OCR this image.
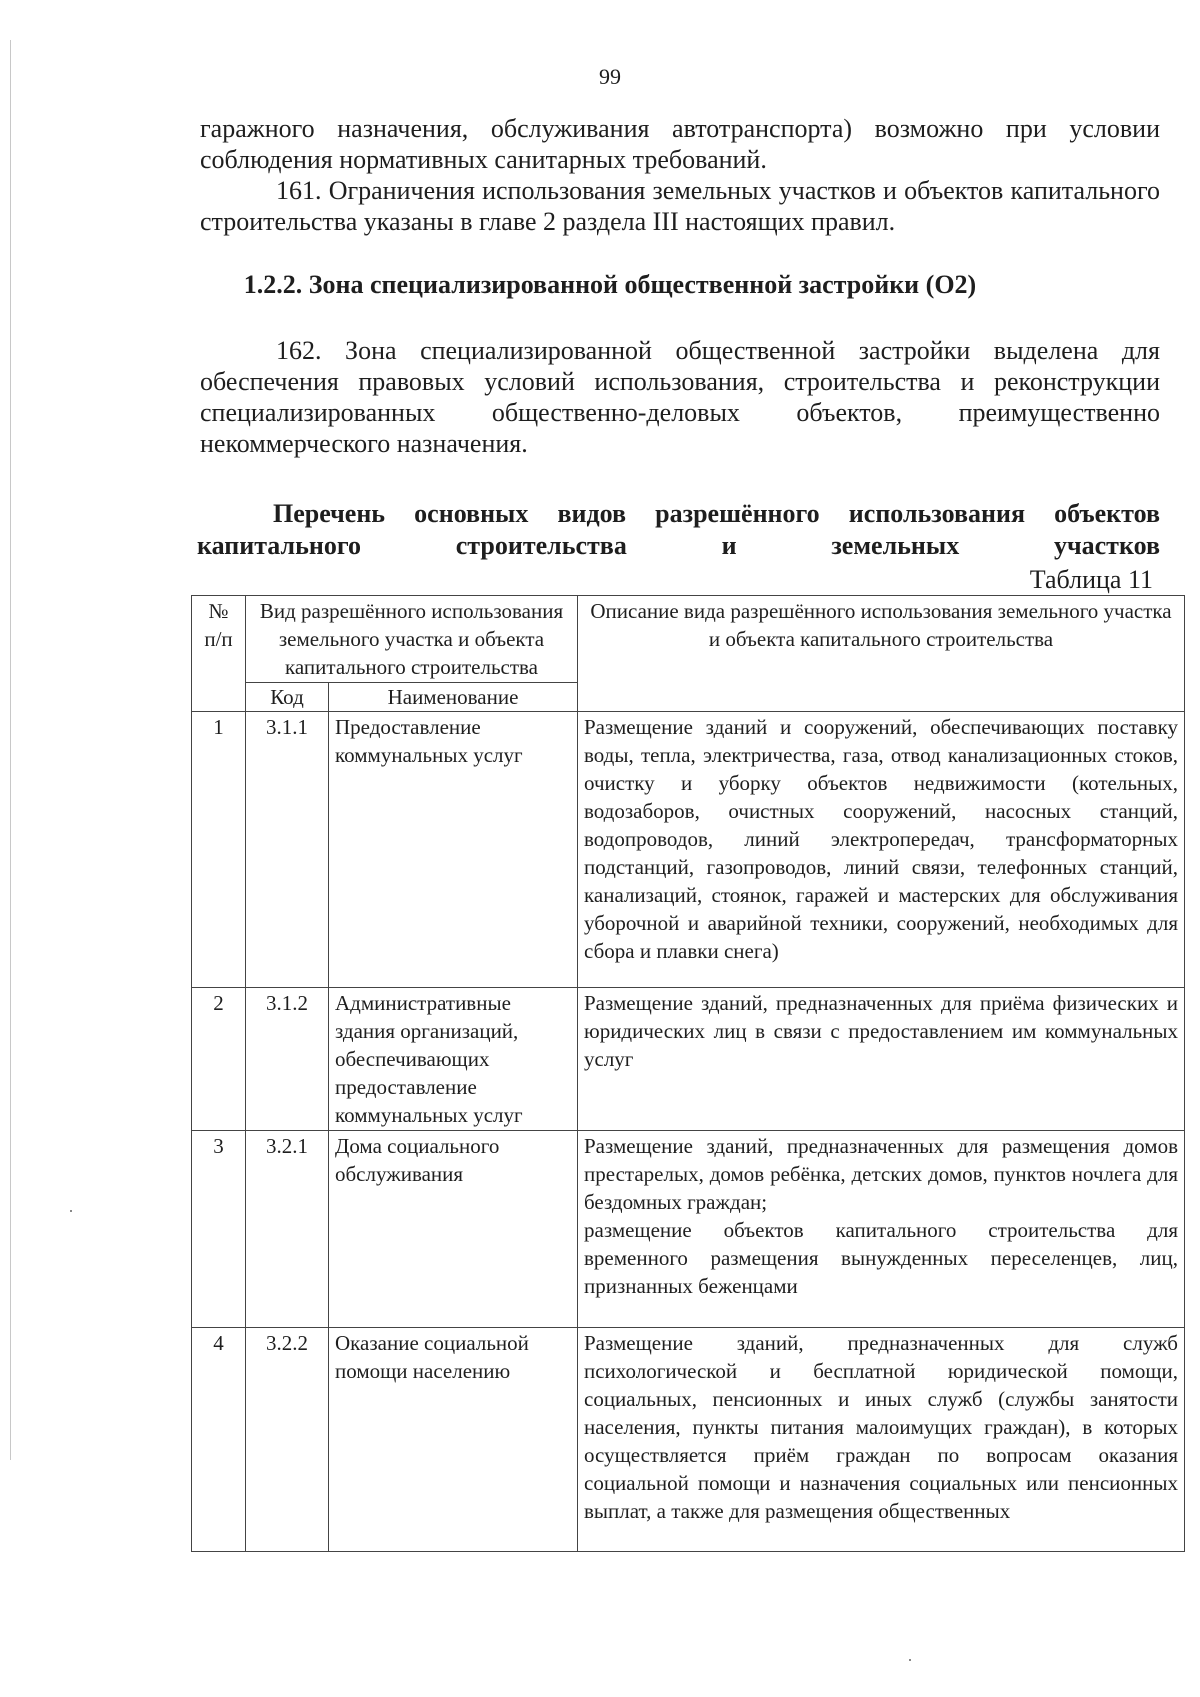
99

гаражного назначения, обслуживания автотранспорта) возможно при условии соблюдения нормативных санитарных требований.

161. Ограничения использования земельных участков и объектов капитального строительства указаны в главе 2 раздела III настоящих правил.

1.2.2. Зона специализированной общественной застройки (О2)

162. Зона специализированной общественной застройки выделена для обеспечения правовых условий использования, строительства и реконструкции специализированных общественно-деловых объектов, преимущественно некоммерческого назначения.

Перечень основных видов разрешённого использования объектов капитального строительства и земельных участков
Таблица 11
№ п/п	Вид разрешённого использования земельного участка и объекта капитального строительства		Описание вида разрешённого использования земельного участка и объекта капитального строительства
	Код	Наименование	
1	3.1.1	Предоставление коммунальных услуг	Размещение зданий и сооружений, обеспечивающих поставку воды, тепла, электричества, газа, отвод канализационных стоков, очистку и уборку объектов недвижимости (котельных, водозаборов, очистных сооружений, насосных станций, водопроводов, линий электропередач, трансформаторных подстанций, газопроводов, линий связи, телефонных станций, канализаций, стоянок, гаражей и мастерских для обслуживания уборочной и аварийной техники, сооружений, необходимых для сбора и плавки снега)
2	3.1.2	Административные здания организаций, обеспечивающих предоставление коммунальных услуг	Размещение зданий, предназначенных для приёма физических и юридических лиц в связи с предоставлением им коммунальных услуг
3	3.2.1	Дома социального обслуживания	Размещение зданий, предназначенных для размещения домов престарелых, домов ребёнка, детских домов, пунктов ночлега для бездомных граждан;
размещение объектов капитального строительства для временного размещения вынужденных переселенцев, лиц, признанных беженцами

4	3.2.2	Оказание социальной помощи населению	Размещение зданий, предназначенных для служб психологической и бесплатной юридической помощи, социальных, пенсионных и иных служб (службы занятости населения, пункты питания малоимущих граждан), в которых осуществляется приём граждан по вопросам оказания социальной помощи и назначения социальных или пенсионных выплат, а также для размещения общественных
